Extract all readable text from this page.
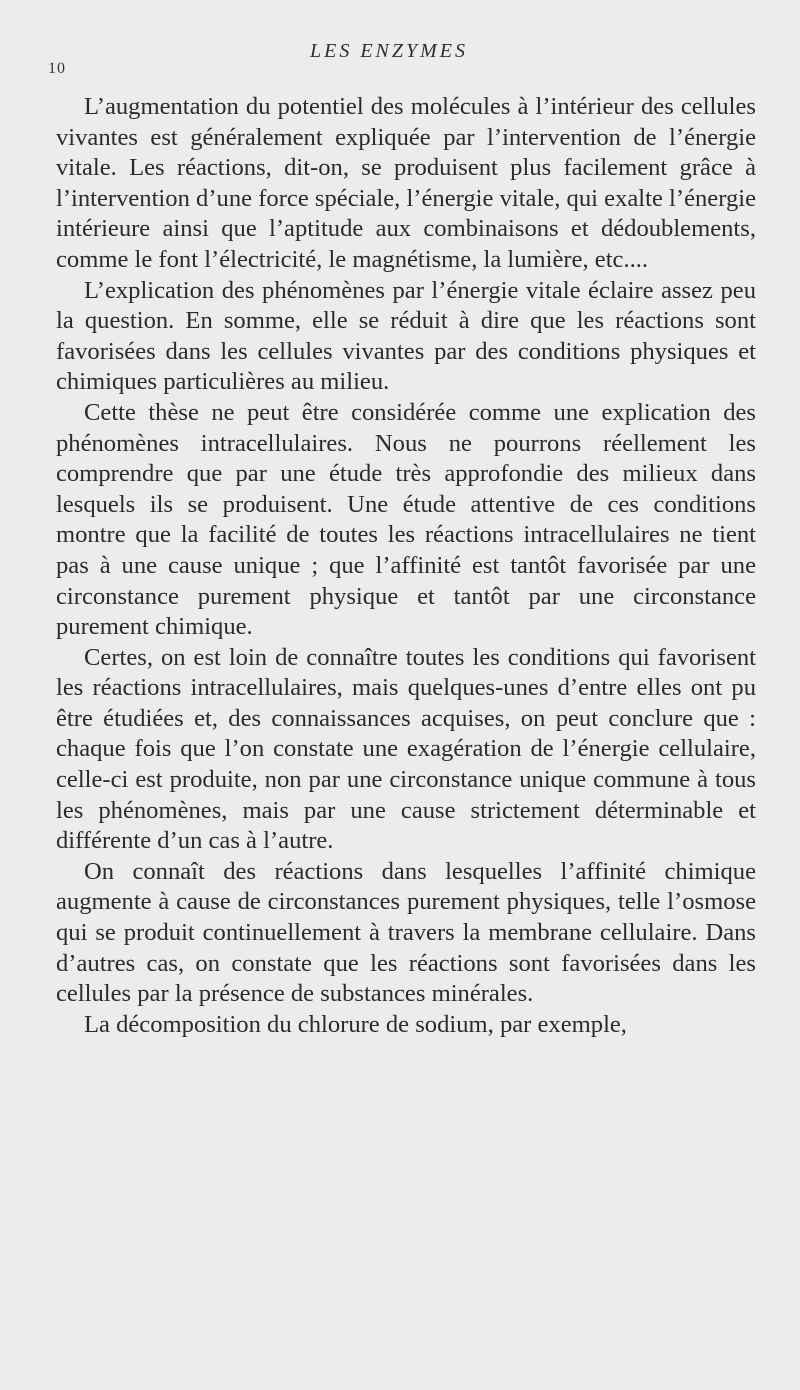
10
LES ENZYMES

L’augmentation du potentiel des molécules à l’intérieur des cellules vivantes est généralement expliquée par l’intervention de l’énergie vitale. Les réactions, dit-on, se produisent plus facilement grâce à l’intervention d’une force spéciale, l’énergie vitale, qui exalte l’énergie intérieure ainsi que l’aptitude aux combinaisons et dédoublements, comme le font l’électricité, le magnétisme, la lumière, etc....

L’explication des phénomènes par l’énergie vitale éclaire assez peu la question. En somme, elle se réduit à dire que les réactions sont favorisées dans les cellules vivantes par des conditions physiques et chimiques particulières au milieu.

Cette thèse ne peut être considérée comme une explication des phénomènes intracellulaires. Nous ne pourrons réellement les comprendre que par une étude très approfondie des milieux dans lesquels ils se produisent. Une étude attentive de ces conditions montre que la facilité de toutes les réactions intracellulaires ne tient pas à une cause unique ; que l’affinité est tantôt favorisée par une circonstance purement physique et tantôt par une circonstance purement chimique.

Certes, on est loin de connaître toutes les conditions qui favorisent les réactions intracellulaires, mais quelques-unes d’entre elles ont pu être étudiées et, des connaissances acquises, on peut conclure que : chaque fois que l’on constate une exagération de l’énergie cellulaire, celle-ci est produite, non par une circonstance unique commune à tous les phénomènes, mais par une cause strictement déterminable et différente d’un cas à l’autre.

On connaît des réactions dans lesquelles l’affinité chimique augmente à cause de circonstances purement physiques, telle l’osmose qui se produit continuellement à travers la membrane cellulaire. Dans d’autres cas, on constate que les réactions sont favorisées dans les cellules par la présence de substances minérales.

La décomposition du chlorure de sodium, par exemple,
